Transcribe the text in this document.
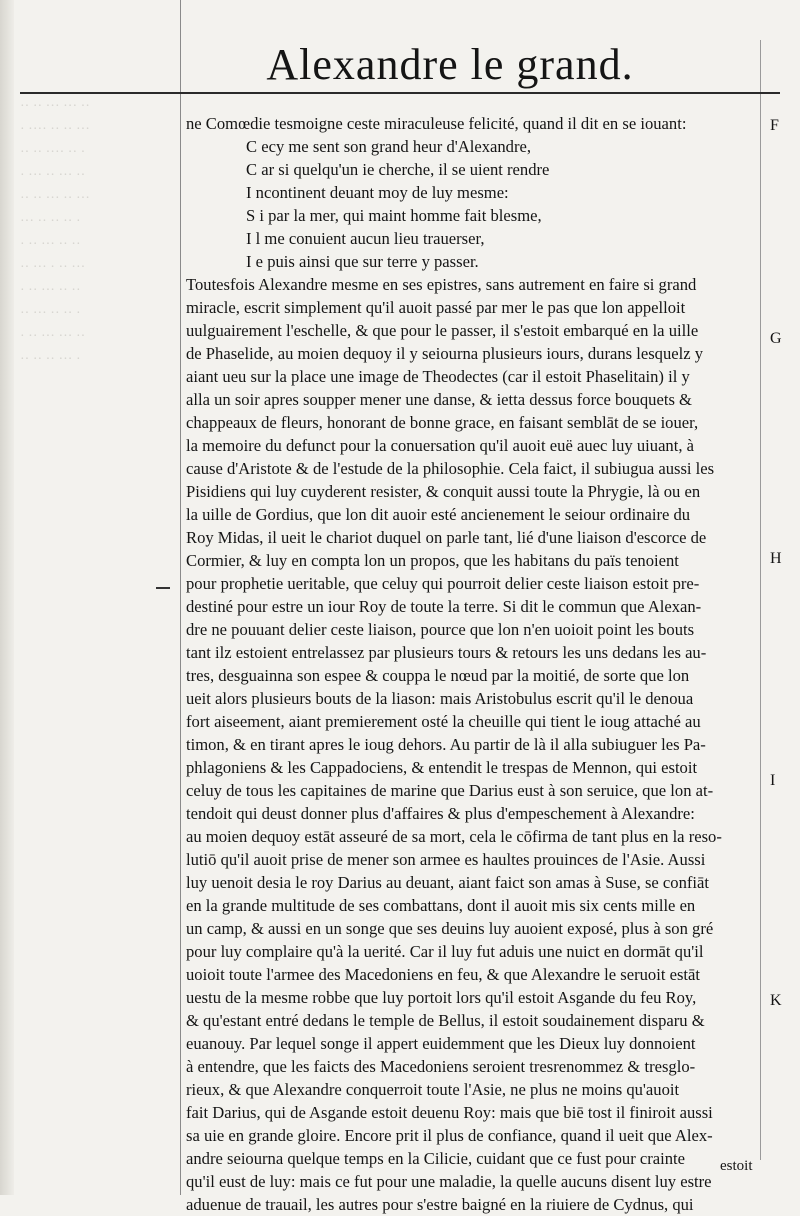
·· ·· ··· ··· ··
· ···· ·· ·· ···
·· ·· ···· ·· ·
· ··· ·· ··· ··
·· ·· ··· ·· ···
··· ·· ·· ·· ·
· ·· ··· ·· ··
·· ··· · ·· ···
· ·· ··· ·· ··
·· ··· ·· ·· ·
· ·· ··· ··· ··
·· ·· ·· ··· ·
Alexandre le grand.
ne Comœdie tesmoigne ceste miraculeuse felicité, quand il dit en se iouant:
C ecy me sent son grand heur d'Alexandre,
C ar si quelqu'un ie cherche, il se uient rendre
I ncontinent deuant moy de luy mesme:
S i par la mer, qui maint homme fait blesme,
I l me conuient aucun lieu trauerser,
I e puis ainsi que sur terre y passer.
Toutesfois Alexandre mesme en ses epistres, sans autrement en faire si grand
miracle, escrit simplement qu'il auoit passé par mer le pas que lon appelloit
uulguairement l'eschelle, & que pour le passer, il s'estoit embarqué en la uille
de Phaselide, au moien dequoy il y seiourna plusieurs iours, durans lesquelz y
aiant ueu sur la place une image de Theodectes (car il estoit Phaselitain) il y
alla un soir apres soupper mener une danse, & ietta dessus force bouquets &
chappeaux de fleurs, honorant de bonne grace, en faisant semblāt de se iouer,
la memoire du defunct pour la conuersation qu'il auoit euë auec luy uiuant, à
cause d'Aristote & de l'estude de la philosophie. Cela faict, il subiugua aussi les
Pisidiens qui luy cuyderent resister, & conquit aussi toute la Phrygie, là ou en
la uille de Gordius, que lon dit auoir esté ancienement le seiour ordinaire du
Roy Midas, il ueit le chariot duquel on parle tant, lié d'une liaison d'escorce de
Cormier, & luy en compta lon un propos, que les habitans du païs tenoient
pour prophetie ueritable, que celuy qui pourroit delier ceste liaison estoit pre-
destiné pour estre un iour Roy de toute la terre. Si dit le commun que Alexan-
dre ne pouuant delier ceste liaison, pource que lon n'en uoioit point les bouts
tant ilz estoient entrelassez par plusieurs tours & retours les uns dedans les au-
tres, desguainna son espee & couppa le nœud par la moitié, de sorte que lon
ueit alors plusieurs bouts de la liason: mais Aristobulus escrit qu'il le denoua
fort aiseement, aiant premierement osté la cheuille qui tient le ioug attaché au
timon, & en tirant apres le ioug dehors. Au partir de là il alla subiuguer les Pa-
phlagoniens & les Cappadociens, & entendit le trespas de Mennon, qui estoit
celuy de tous les capitaines de marine que Darius eust à son seruice, que lon at-
tendoit qui deust donner plus d'affaires & plus d'empeschement à Alexandre:
au moien dequoy estāt asseuré de sa mort, cela le cōfirma de tant plus en la reso-
lutiō qu'il auoit prise de mener son armee es haultes prouinces de l'Asie. Aussi
luy uenoit desia le roy Darius au deuant, aiant faict son amas à Suse, se confiāt
en la grande multitude de ses combattans, dont il auoit mis six cents mille en
un camp, & aussi en un songe que ses deuins luy auoient exposé, plus à son gré
pour luy complaire qu'à la uerité. Car il luy fut aduis une nuict en dormāt qu'il
uoioit toute l'armee des Macedoniens en feu, & que Alexandre le seruoit estāt
uestu de la mesme robbe que luy portoit lors qu'il estoit Asgande du feu Roy,
& qu'estant entré dedans le temple de Bellus, il estoit soudainement disparu &
euanouy. Par lequel songe il appert euidemment que les Dieux luy donnoient
à entendre, que les faicts des Macedoniens seroient tresrenommez & tresglo-
rieux, & que Alexandre conquerroit toute l'Asie, ne plus ne moins qu'auoit
fait Darius, qui de Asgande estoit deuenu Roy: mais que biē tost il finiroit aussi
sa uie en grande gloire. Encore prit il plus de confiance, quand il ueit que Alex-
andre seiourna quelque temps en la Cilicie, cuidant que ce fust pour crainte
qu'il eust de luy: mais ce fut pour une maladie, la quelle aucuns disent luy estre
aduenue de trauail, les autres pour s'estre baigné en la riuiere de Cydnus, qui
F
G
H
I
K
estoit
